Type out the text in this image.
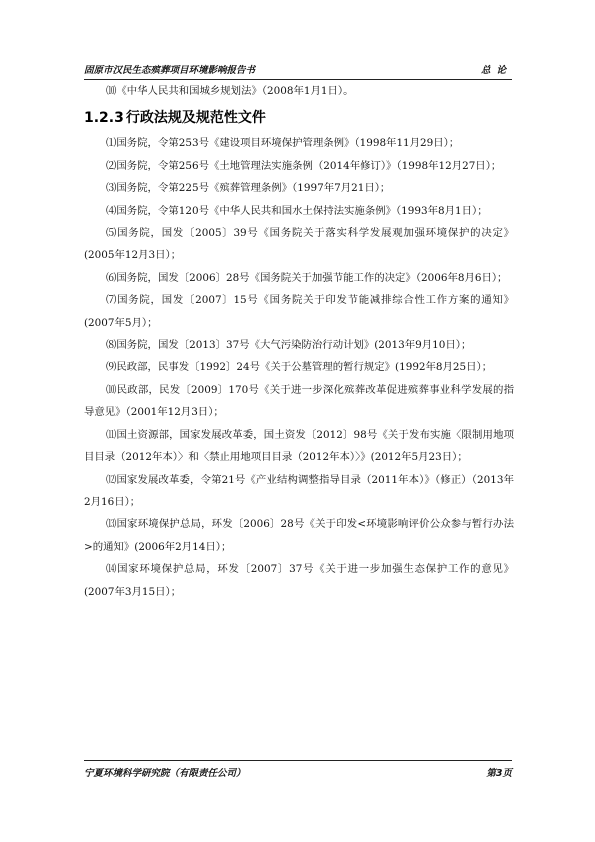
固原市汉民生态殡葬项目环境影响报告书	总论

⑽《中华人民共和国城乡规划法》（2008年1月1日）。

1.2.3 行政法规及规范性文件

⑴国务院，令第253号《建设项目环境保护管理条例》（1998年11月29日）；

⑵国务院，令第256号《土地管理法实施条例（2014年修订）》（1998年12月27日）；

⑶国务院，令第225号《殡葬管理条例》（1997年7月21日）；

⑷国务院，令第120号《中华人民共和国水土保持法实施条例》（1993年8月1日）；

⑸国务院，国发〔2005〕39号《国务院关于落实科学发展观加强环境保护的决定》(2005年12月3日）；

⑹国务院，国发〔2006〕28号《国务院关于加强节能工作的决定》（2006年8月6日）；

⑺国务院，国发〔2007〕15号《国务院关于印发节能减排综合性工作方案的通知》(2007年5月）；

⑻国务院，国发〔2013〕37号《大气污染防治行动计划》(2013年9月10日）；

⑼民政部，民事发〔1992〕24号《关于公墓管理的暂行规定》(1992年8月25日）；

⑽民政部，民发〔2009〕170号《关于进一步深化殡葬改革促进殡葬事业科学发展的指导意见》（2001年12月3日）；

⑾国土资源部，国家发展改革委，国土资发〔2012〕98号《关于发布实施〈限制用地项目目录（2012年本）〉和〈禁止用地项目目录（2012年本）〉》(2012年5月23日）；

⑿国家发展改革委，令第21号《产业结构调整指导目录（2011年本）》（修正）（2013年2月16日）；

⒀国家环境保护总局，环发〔2006〕28号《关于印发<环境影响评价公众参与暂行办法>的通知》(2006年2月14日）；

⒁国家环境保护总局，环发〔2007〕37号《关于进一步加强生态保护工作的意见》(2007年3月15日）；

宁夏环境科学研究院（有限责任公司）	第3页
